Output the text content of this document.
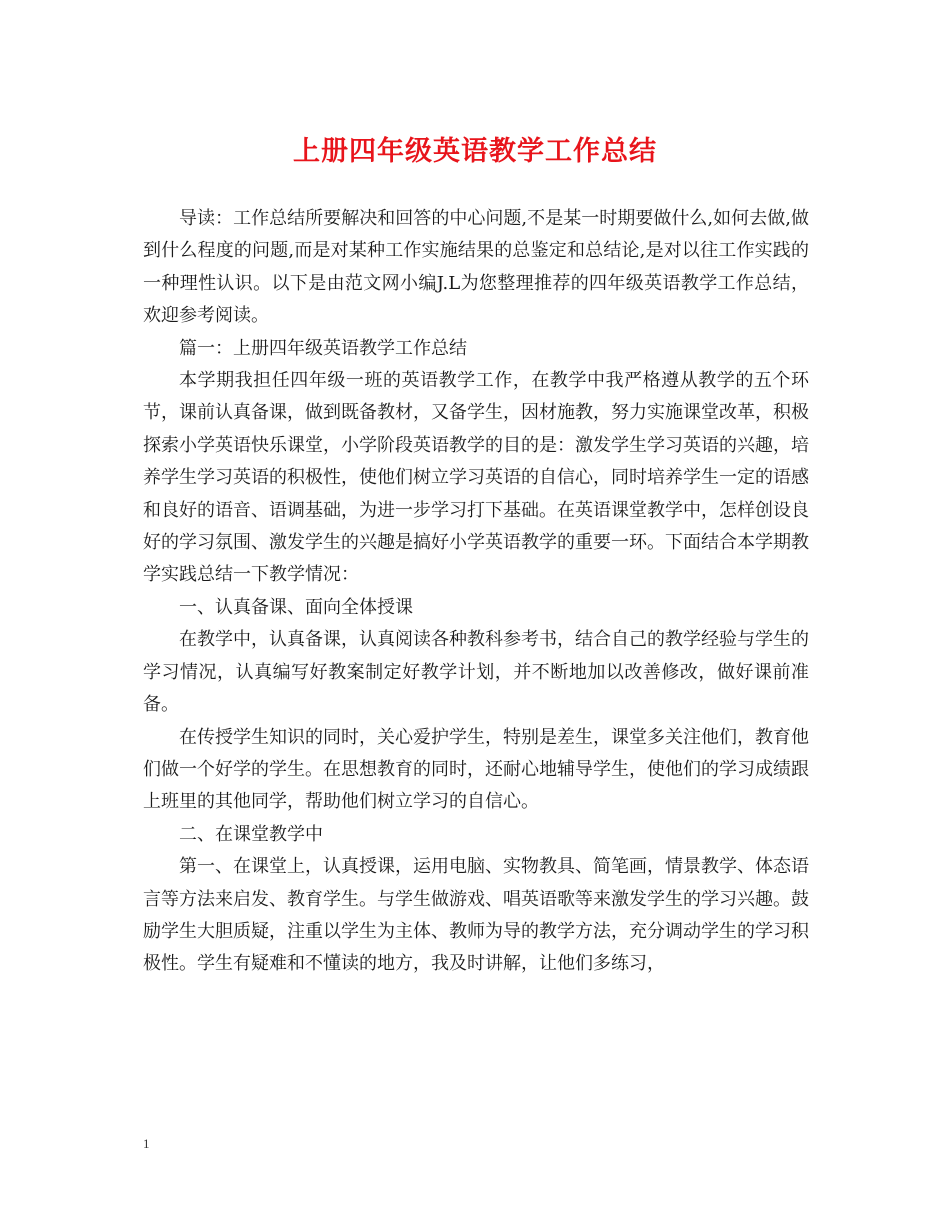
上册四年级英语教学工作总结

导读：工作总结所要解决和回答的中心问题,不是某一时期要做什么,如何去做,做到什么程度的问题,而是对某种工作实施结果的总鉴定和总结论,是对以往工作实践的一种理性认识。以下是由范文网小编J.L为您整理推荐的四年级英语教学工作总结，欢迎参考阅读。

篇一：上册四年级英语教学工作总结

本学期我担任四年级一班的英语教学工作，在教学中我严格遵从教学的五个环节，课前认真备课，做到既备教材，又备学生，因材施教，努力实施课堂改革，积极探索小学英语快乐课堂，小学阶段英语教学的目的是：激发学生学习英语的兴趣，培养学生学习英语的积极性，使他们树立学习英语的自信心，同时培养学生一定的语感和良好的语音、语调基础，为进一步学习打下基础。在英语课堂教学中，怎样创设良好的学习氛围、激发学生的兴趣是搞好小学英语教学的重要一环。下面结合本学期教学实践总结一下教学情况：

一、认真备课、面向全体授课

在教学中，认真备课，认真阅读各种教科参考书，结合自己的教学经验与学生的学习情况，认真编写好教案制定好教学计划，并不断地加以改善修改，做好课前准备。

在传授学生知识的同时，关心爱护学生，特别是差生，课堂多关注他们，教育他们做一个好学的学生。在思想教育的同时，还耐心地辅导学生，使他们的学习成绩跟上班里的其他同学，帮助他们树立学习的自信心。

二、在课堂教学中

第一、在课堂上，认真授课，运用电脑、实物教具、简笔画，情景教学、体态语言等方法来启发、教育学生。与学生做游戏、唱英语歌等来激发学生的学习兴趣。鼓励学生大胆质疑，注重以学生为主体、教师为导的教学方法，充分调动学生的学习积极性。学生有疑难和不懂读的地方，我及时讲解，让他们多练习，

1
